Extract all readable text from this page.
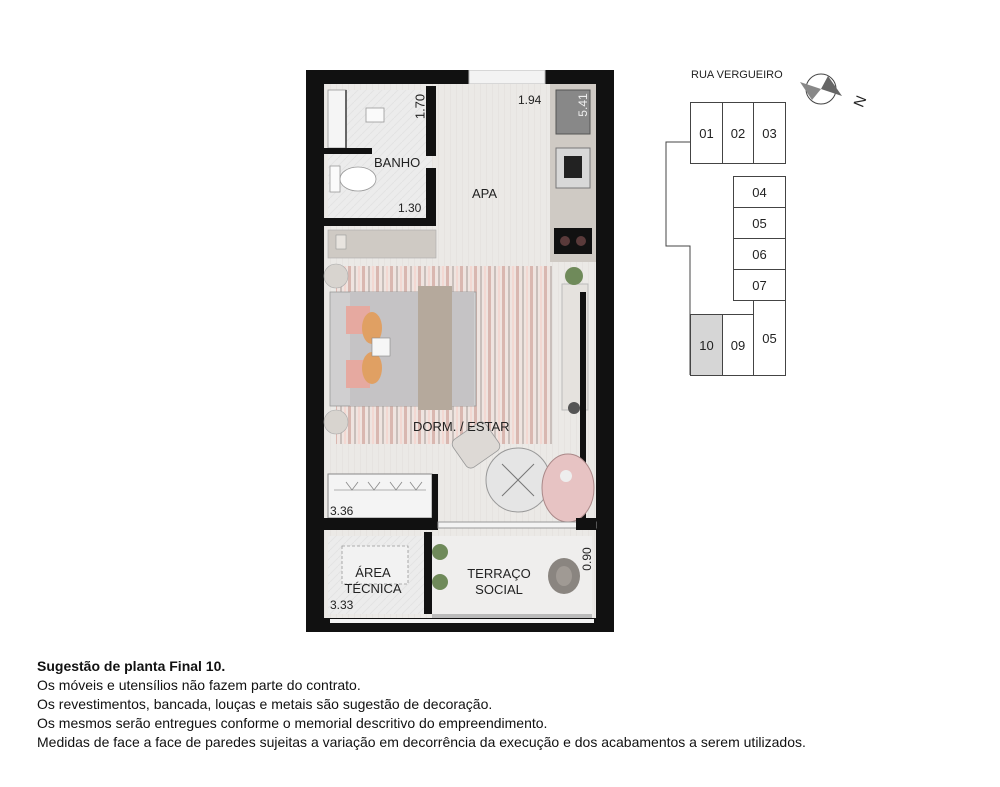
BANHO
APA
DORM. / ESTAR
ÁREA
TÉCNICA
TERRAÇO
SOCIAL
1.70
1.30
1.94	5.41
3.36
0.90
3.33
RUA VERGUEIRO
N
01	02	03
04
05
06
07
10	09	05
Sugestão de planta Final 10.
Os móveis e utensílios não fazem parte do contrato.
Os revestimentos, bancada, louças e metais são sugestão de decoração.
Os mesmos serão entregues conforme o memorial descritivo do empreendimento.
Medidas de face a face de paredes sujeitas a variação em decorrência da execução e dos acabamentos a serem utilizados.
